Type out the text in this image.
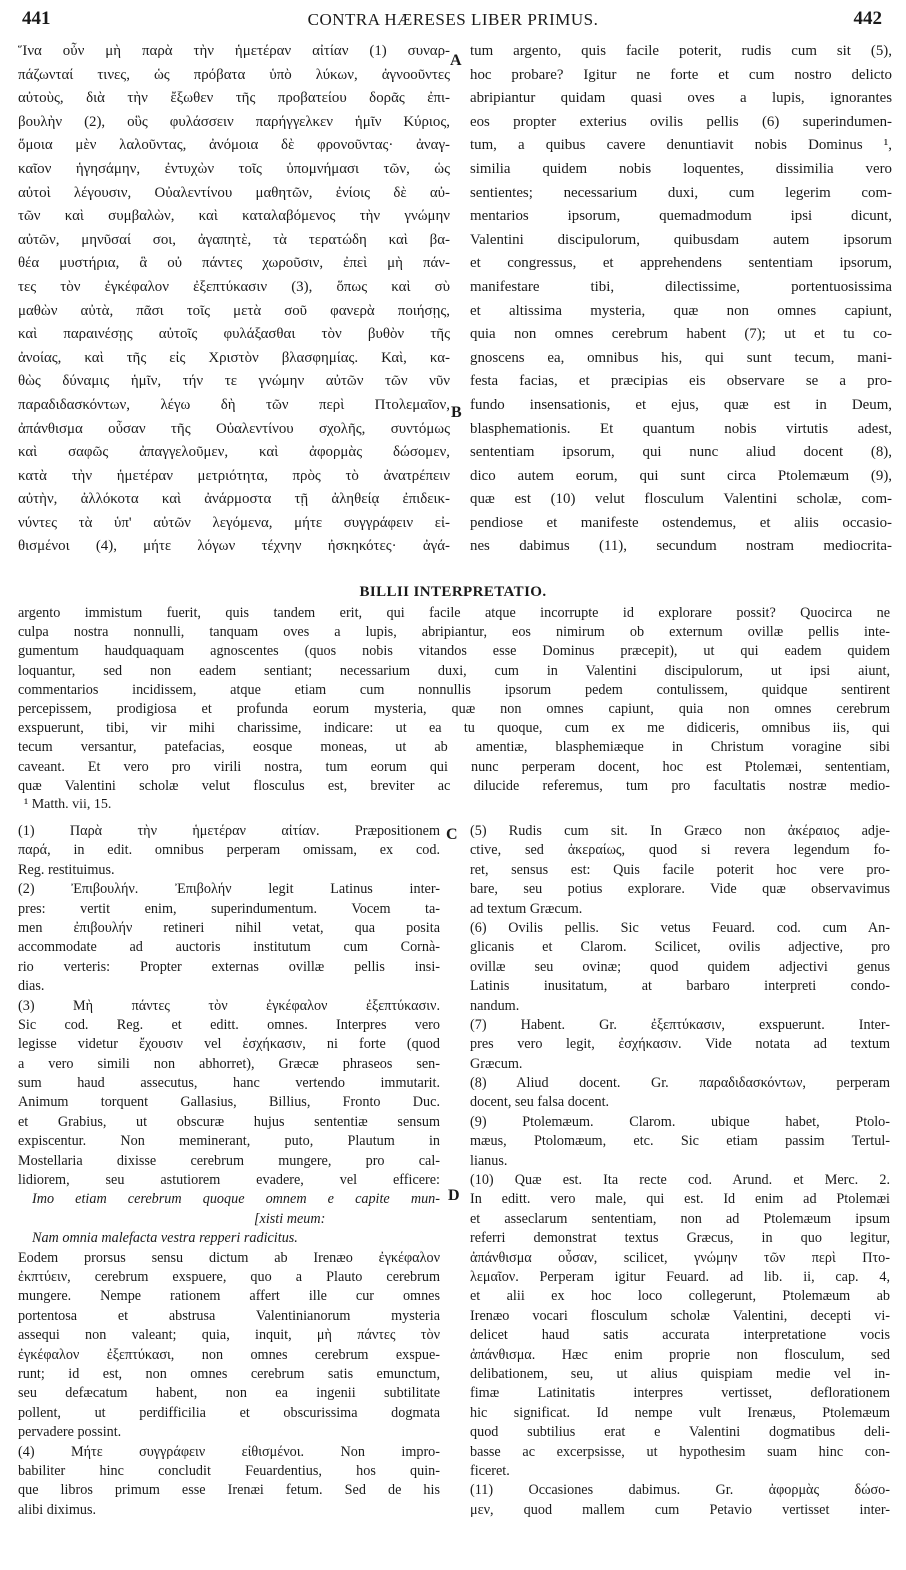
441	CONTRA HÆRESES LIBER PRIMUS.	442
Ἵνα οὖν μὴ παρὰ τὴν ἡμετέραν αἰτίαν (1) συναρ-
πάζωνταί τινες, ὡς πρόβατα ὑπὸ λύκων, ἀγνοοῦντες
αὐτοὺς, διὰ τὴν ἔξωθεν τῆς προβατείου δορᾶς ἐπι-
βουλὴν (2), οὓς φυλάσσειν παρήγγελκεν ἡμῖν Κύριος,
ὅμοια μὲν λαλοῦντας, ἀνόμοια δὲ φρονοῦντας· ἀναγ-
καῖον ἡγησάμην, ἐντυχὼν τοῖς ὑπομνήμασι τῶν, ὡς
αὐτοὶ λέγουσιν, Οὐαλεντίνου μαθητῶν, ἐνίοις δὲ αὐ-
τῶν καὶ συμβαλὼν, καὶ καταλαβόμενος τὴν γνώμην
αὐτῶν, μηνῦσαί σοι, ἀγαπητὲ, τὰ τερατώδη καὶ βα-
θέα μυστήρια, ἃ οὐ πάντες χωροῦσιν, ἐπεὶ μὴ πάν-
τες τὸν ἐγκέφαλον ἐξεπτύκασιν (3), ὅπως καὶ σὺ
μαθὼν αὐτὰ, πᾶσι τοῖς μετὰ σοῦ φανερὰ ποιήσῃς,
καὶ παραινέσῃς αὐτοῖς φυλάξασθαι τὸν βυθὸν τῆς
ἀνοίας, καὶ τῆς εἰς Χριστὸν βλασφημίας. Καὶ, κα-
θὼς δύναμις ἡμῖν, τήν τε γνώμην αὐτῶν τῶν νῦν
παραδιδασκόντων, λέγω δὴ τῶν περὶ Πτολεμαῖον,
ἀπάνθισμα οὖσαν τῆς Οὐαλεντίνου σχολῆς, συντόμως
καὶ σαφῶς ἀπαγγελοῦμεν, καὶ ἀφορμὰς δώσομεν,
κατὰ τὴν ἡμετέραν μετριότητα, πρὸς τὸ ἀνατρέπειν
αὐτὴν, ἀλλόκοτα καὶ ἀνάρμοστα τῇ ἀληθείᾳ ἐπιδεικ-
νύντες τὰ ὑπ' αὐτῶν λεγόμενα, μήτε συγγράφειν εἰ-
θισμένοι (4), μήτε λόγων τέχνην ἠσκηκότες· ἀγά-
tum argento, quis facile poterit, rudis cum sit (5),
hoc probare? Igitur ne forte et cum nostro delicto
abripiantur quidam quasi oves a lupis, ignorantes
eos propter exterius ovilis pellis (6) superindumen-
tum, a quibus cavere denuntiavit nobis Dominus ¹,
similia quidem nobis loquentes, dissimilia vero
sentientes; necessarium duxi, cum legerim com-
mentarios ipsorum, quemadmodum ipsi dicunt,
Valentini discipulorum, quibusdam autem ipsorum
et congressus, et apprehendens sententiam ipsorum,
manifestare tibi, dilectissime, portentuosissima
et altissima mysteria, quæ non omnes capiunt,
quia non omnes cerebrum habent (7); ut et tu co-
gnoscens ea, omnibus his, qui sunt tecum, mani-
festa facias, et præcipias eis observare se a pro-
fundo insensationis, et ejus, quæ est in Deum,
blasphemationis. Et quantum nobis virtutis adest,
sententiam ipsorum, qui nunc aliud docent (8),
dico autem eorum, qui sunt circa Ptolemæum (9),
quæ est (10) velut flosculum Valentini scholæ, com-
pendiose et manifeste ostendemus, et aliis occasio-
nes dabimus (11), secundum nostram mediocrita-
A
B
C
D
BILLII INTERPRETATIO.
argento immistum fuerit, quis tandem erit, qui facile atque incorrupte id explorare possit? Quocirca ne
culpa nostra nonnulli, tanquam oves a lupis, abripiantur, eos nimirum ob externum ovillæ pellis inte-
gumentum haudquaquam agnoscentes (quos nobis vitandos esse Dominus præcepit), ut qui eadem quidem
loquantur, sed non eadem sentiant; necessarium duxi, cum in Valentini discipulorum, ut ipsi aiunt,
commentarios incidissem, atque etiam cum nonnullis ipsorum pedem contulissem, quidque sentirent
percepissem, prodigiosa et profunda eorum mysteria, quæ non omnes capiunt, quia non omnes cerebrum
exspuerunt, tibi, vir mihi charissime, indicare: ut ea tu quoque, cum ex me didiceris, omnibus iis, qui
tecum versantur, patefacias, eosque moneas, ut ab amentiæ, blasphemiæque in Christum voragine sibi
caveant. Et vero pro virili nostra, tum eorum qui nunc perperam docent, hoc est Ptolemæi, sententiam,
quæ Valentini scholæ velut flosculus est, breviter ac dilucide referemus, tum pro facultatis nostræ medio-
¹ Matth. vii, 15.
(1) Παρὰ τὴν ἡμετέραν αἰτίαν. Præpositionem
παρά, in edit. omnibus perperam omissam, ex cod.
Reg. restituimus.
(2) Ἐπιβουλήν. Ἐπιβολήν legit Latinus inter-
pres: vertit enim, superindumentum. Vocem ta-
men ἐπιβουλήν retineri nihil vetat, qua posita
accommodate ad auctoris institutum cum Cornà-
rio verteris: Propter externas ovillæ pellis insi-
dias.
(3) Μὴ πάντες τὸν ἐγκέφαλον ἐξεπτύκασιν.
Sic cod. Reg. et editt. omnes. Interpres vero
legisse videtur ἔχουσιν vel ἐσχήκασιν, ni forte (quod
a vero simili non abhorret), Græcæ phraseos sen-
sum haud assecutus, hanc vertendo immutarit.
Animum torquent Gallasius, Billius, Fronto Duc.
et Grabius, ut obscuræ hujus sententiæ sensum
expiscentur. Non meminerant, puto, Plautum in
Mostellaria dixisse cerebrum mungere, pro cal-
lidiorem, seu astutiorem evadere, vel efficere:
Imo etiam cerebrum quoque omnem e capite mun-
[xisti meum:
Nam omnia malefacta vestra repperi radicitus.
Eodem prorsus sensu dictum ab Irenæo ἐγκέφαλον
ἐκπτύειν, cerebrum exspuere, quo a Plauto cerebrum
mungere. Nempe rationem affert ille cur omnes
portentosa et abstrusa Valentinianorum mysteria
assequi non valeant; quia, inquit, μὴ πάντες τὸν
ἐγκέφαλον ἐξεπτύκασι, non omnes cerebrum exspue-
runt; id est, non omnes cerebrum satis emunctum,
seu defæcatum habent, non ea ingenii subtilitate
pollent, ut perdifficilia et obscurissima dogmata
pervadere possint.
(4) Μήτε συγγράφειν εἰθισμένοι. Non impro-
babiliter hinc concludit Feuardentius, hos quin-
que libros primum esse Irenæi fetum. Sed de his
alibi diximus.
(5) Rudis cum sit. In Græco non ἀκέραιος adje-
ctive, sed ἀκεραίως, quod si revera legendum fo-
ret, sensus est: Quis facile poterit hoc vere pro-
bare, seu potius explorare. Vide quæ observavimus
ad textum Græcum.
(6) Ovilis pellis. Sic vetus Feuard. cod. cum An-
glicanis et Clarom. Scilicet, ovilis adjective, pro
ovillæ seu ovinæ; quod quidem adjectivi genus
Latinis inusitatum, at barbaro interpreti condo-
nandum.
(7) Habent. Gr. ἐξεπτύκασιν, exspuerunt. Inter-
pres vero legit, ἐσχήκασιν. Vide notata ad textum
Græcum.
(8) Aliud docent. Gr. παραδιδασκόντων, perperam
docent, seu falsa docent.
(9) Ptolemæum. Clarom. ubique habet, Ptolo-
mæus, Ptolomæum, etc. Sic etiam passim Tertul-
lianus.
(10) Quæ est. Ita recte cod. Arund. et Merc. 2.
In editt. vero male, qui est. Id enim ad Ptolemæi
et asseclarum sententiam, non ad Ptolemæum ipsum
referri demonstrat textus Græcus, in quo legitur,
ἀπάνθισμα οὖσαν, scilicet, γνώμην τῶν περὶ Πτο-
λεμαῖον. Perperam igitur Feuard. ad lib. ii, cap. 4,
et alii ex hoc loco collegerunt, Ptolemæum ab
Irenæo vocari flosculum scholæ Valentini, decepti vi-
delicet haud satis accurata interpretatione vocis
ἀπάνθισμα. Hæc enim proprie non flosculum, sed
delibationem, seu, ut alius quispiam medie vel in-
fimæ Latinitatis interpres vertisset, deflorationem
hic significat. Id nempe vult Irenæus, Ptolemæum
quod subtilius erat e Valentini dogmatibus deli-
basse ac excerpsisse, ut hypothesim suam hinc con-
ficeret.
(11) Occasiones dabimus. Gr. ἀφορμὰς δώσο-
μεν, quod mallem cum Petavio vertisset inter-
